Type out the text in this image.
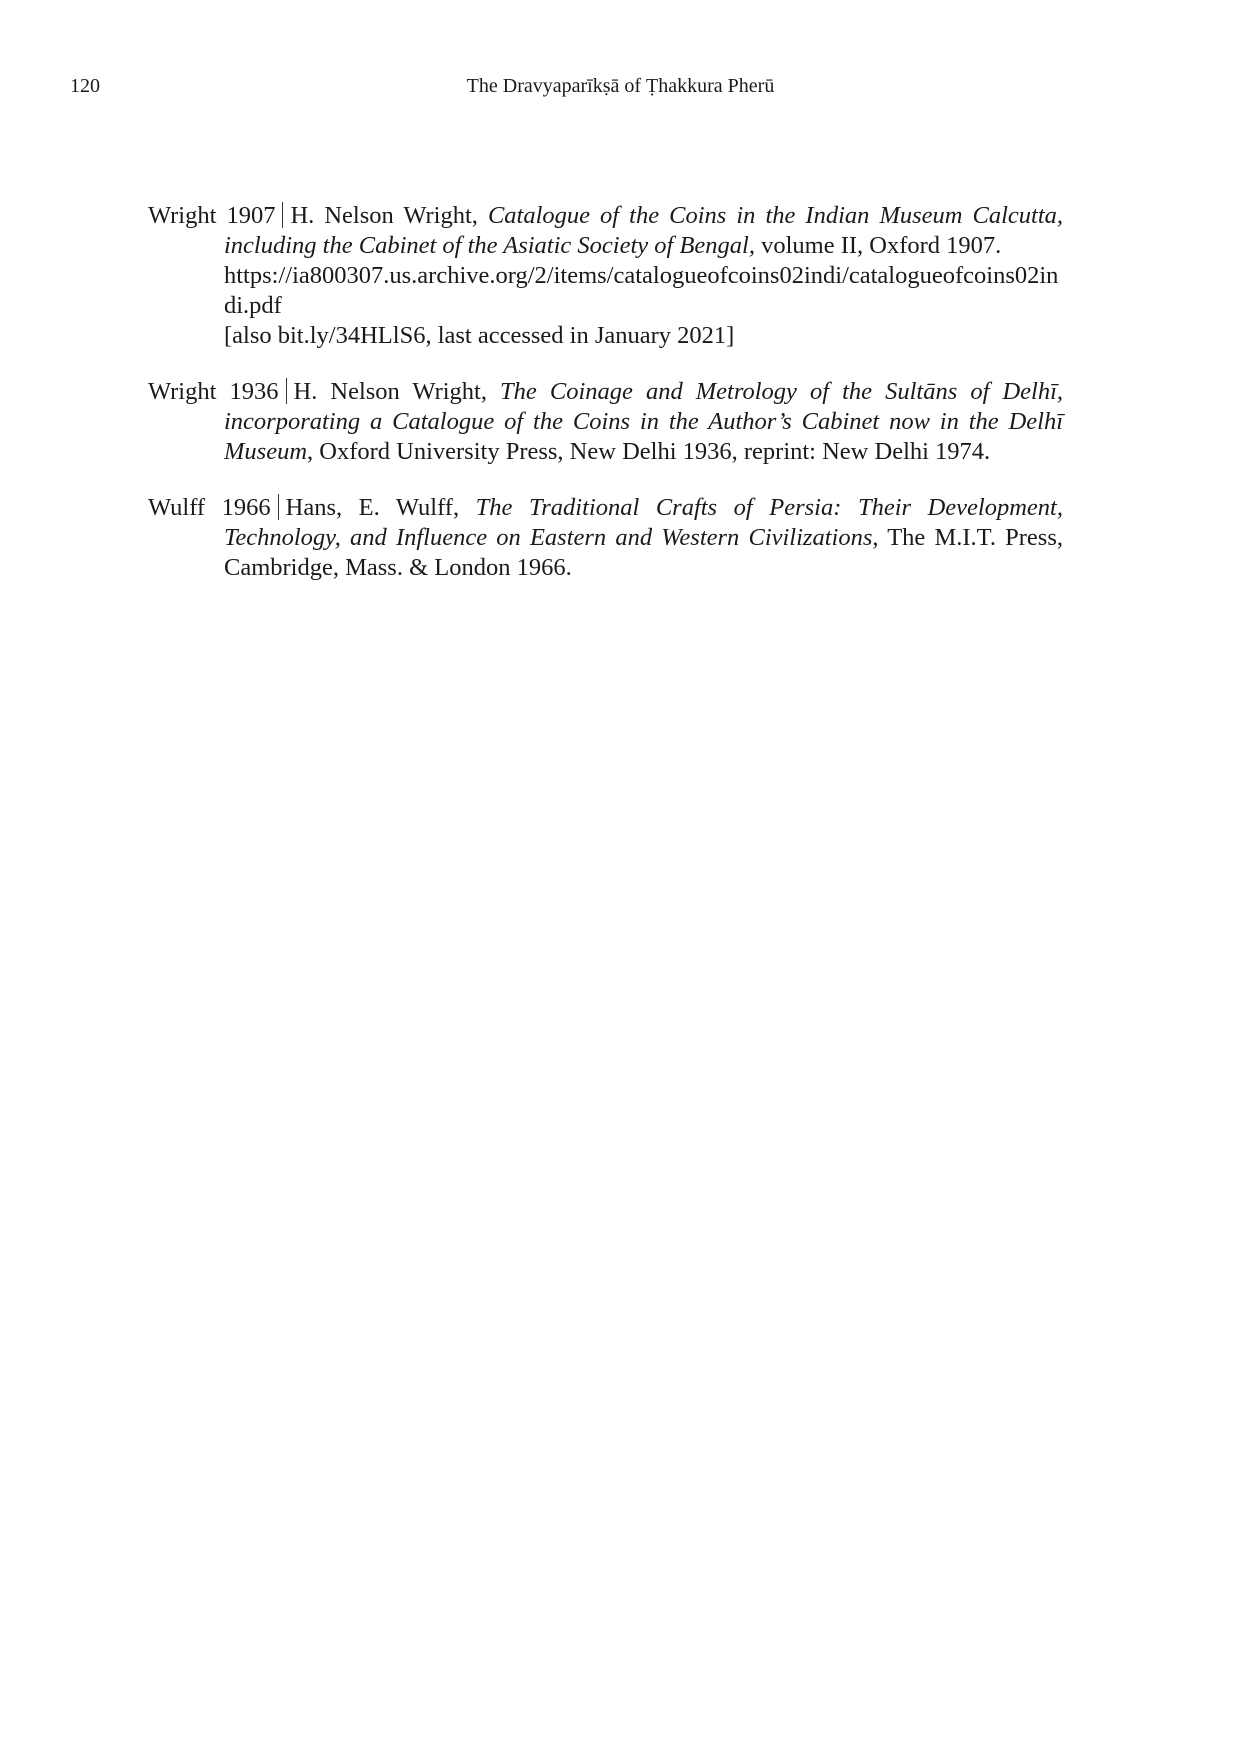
120	The Dravyaparīkṣā of Ṭhakkura Pherū

Wright 1907 H. Nelson Wright, Catalogue of the Coins in the Indian Museum Calcutta, including the Cabinet of the Asiatic Society of Bengal, volume II, Oxford 1907.
https://ia800307.us.archive.org/2/items/catalogueofcoins02indi/catalogueofcoins02indi.pdf
[also bit.ly/34HLlS6, last accessed in January 2021]

Wright 1936 H. Nelson Wright, The Coinage and Metrology of the Sultāns of Delhī, incorporating a Catalogue of the Coins in the Author’s Cabinet now in the Delhī Museum, Oxford University Press, New Delhi 1936, reprint: New Delhi 1974.

Wulff 1966 Hans, E. Wulff, The Traditional Crafts of Persia: Their Development, Technology, and Influence on Eastern and Western Civilizations, The M.I.T. Press, Cambridge, Mass. & London 1966.
